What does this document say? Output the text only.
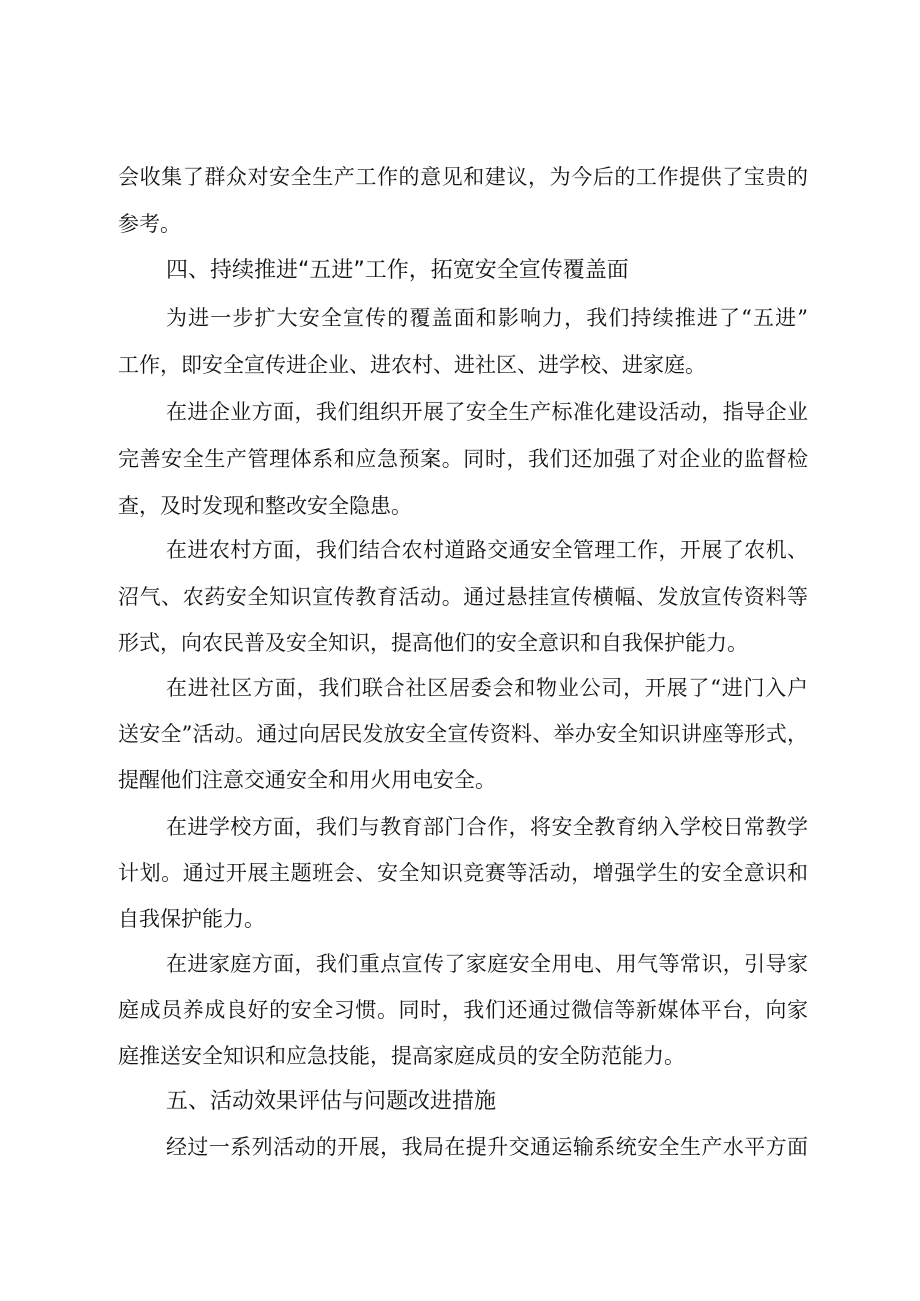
会收集了群众对安全生产工作的意见和建议，为今后的工作提供了宝贵的
参考。
四、持续推进“五进”工作，拓宽安全宣传覆盖面
为进一步扩大安全宣传的覆盖面和影响力，我们持续推进了“五进”
工作，即安全宣传进企业、进农村、进社区、进学校、进家庭。
在进企业方面，我们组织开展了安全生产标准化建设活动，指导企业
完善安全生产管理体系和应急预案。同时，我们还加强了对企业的监督检
查，及时发现和整改安全隐患。
在进农村方面，我们结合农村道路交通安全管理工作，开展了农机、
沼气、农药安全知识宣传教育活动。通过悬挂宣传横幅、发放宣传资料等
形式，向农民普及安全知识，提高他们的安全意识和自我保护能力。
在进社区方面，我们联合社区居委会和物业公司，开展了“进门入户
送安全”活动。通过向居民发放安全宣传资料、举办安全知识讲座等形式，
提醒他们注意交通安全和用火用电安全。
在进学校方面，我们与教育部门合作，将安全教育纳入学校日常教学
计划。通过开展主题班会、安全知识竞赛等活动，增强学生的安全意识和
自我保护能力。
在进家庭方面，我们重点宣传了家庭安全用电、用气等常识，引导家
庭成员养成良好的安全习惯。同时，我们还通过微信等新媒体平台，向家
庭推送安全知识和应急技能，提高家庭成员的安全防范能力。
五、活动效果评估与问题改进措施
经过一系列活动的开展，我局在提升交通运输系统安全生产水平方面
